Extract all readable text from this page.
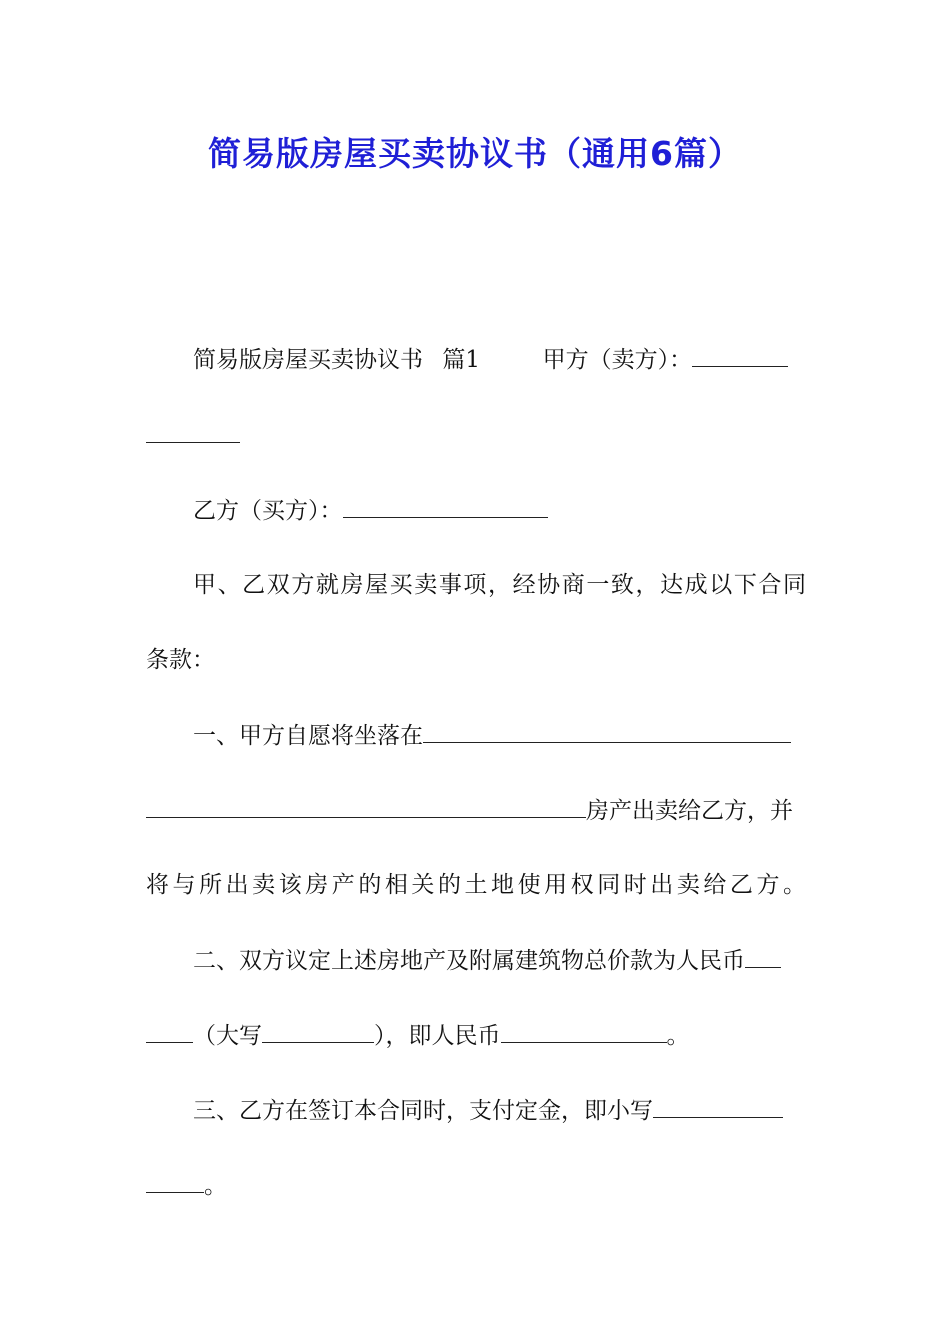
简易版房屋买卖协议书（通用6篇）
简易版房屋买卖协议书 篇1	甲方（卖方）：
乙方（买方）：
甲、乙双方就房屋买卖事项，经协商一致，达成以下合同
条款：
一、甲方自愿将坐落在
房产出卖给乙方，并
将与所出卖该房产的相关的土地使用权同时出卖给乙方。
二、双方议定上述房地产及附属建筑物总价款为人民币
（大写	），即人民币	。
三、乙方在签订本合同时，支付定金，即小写
。
